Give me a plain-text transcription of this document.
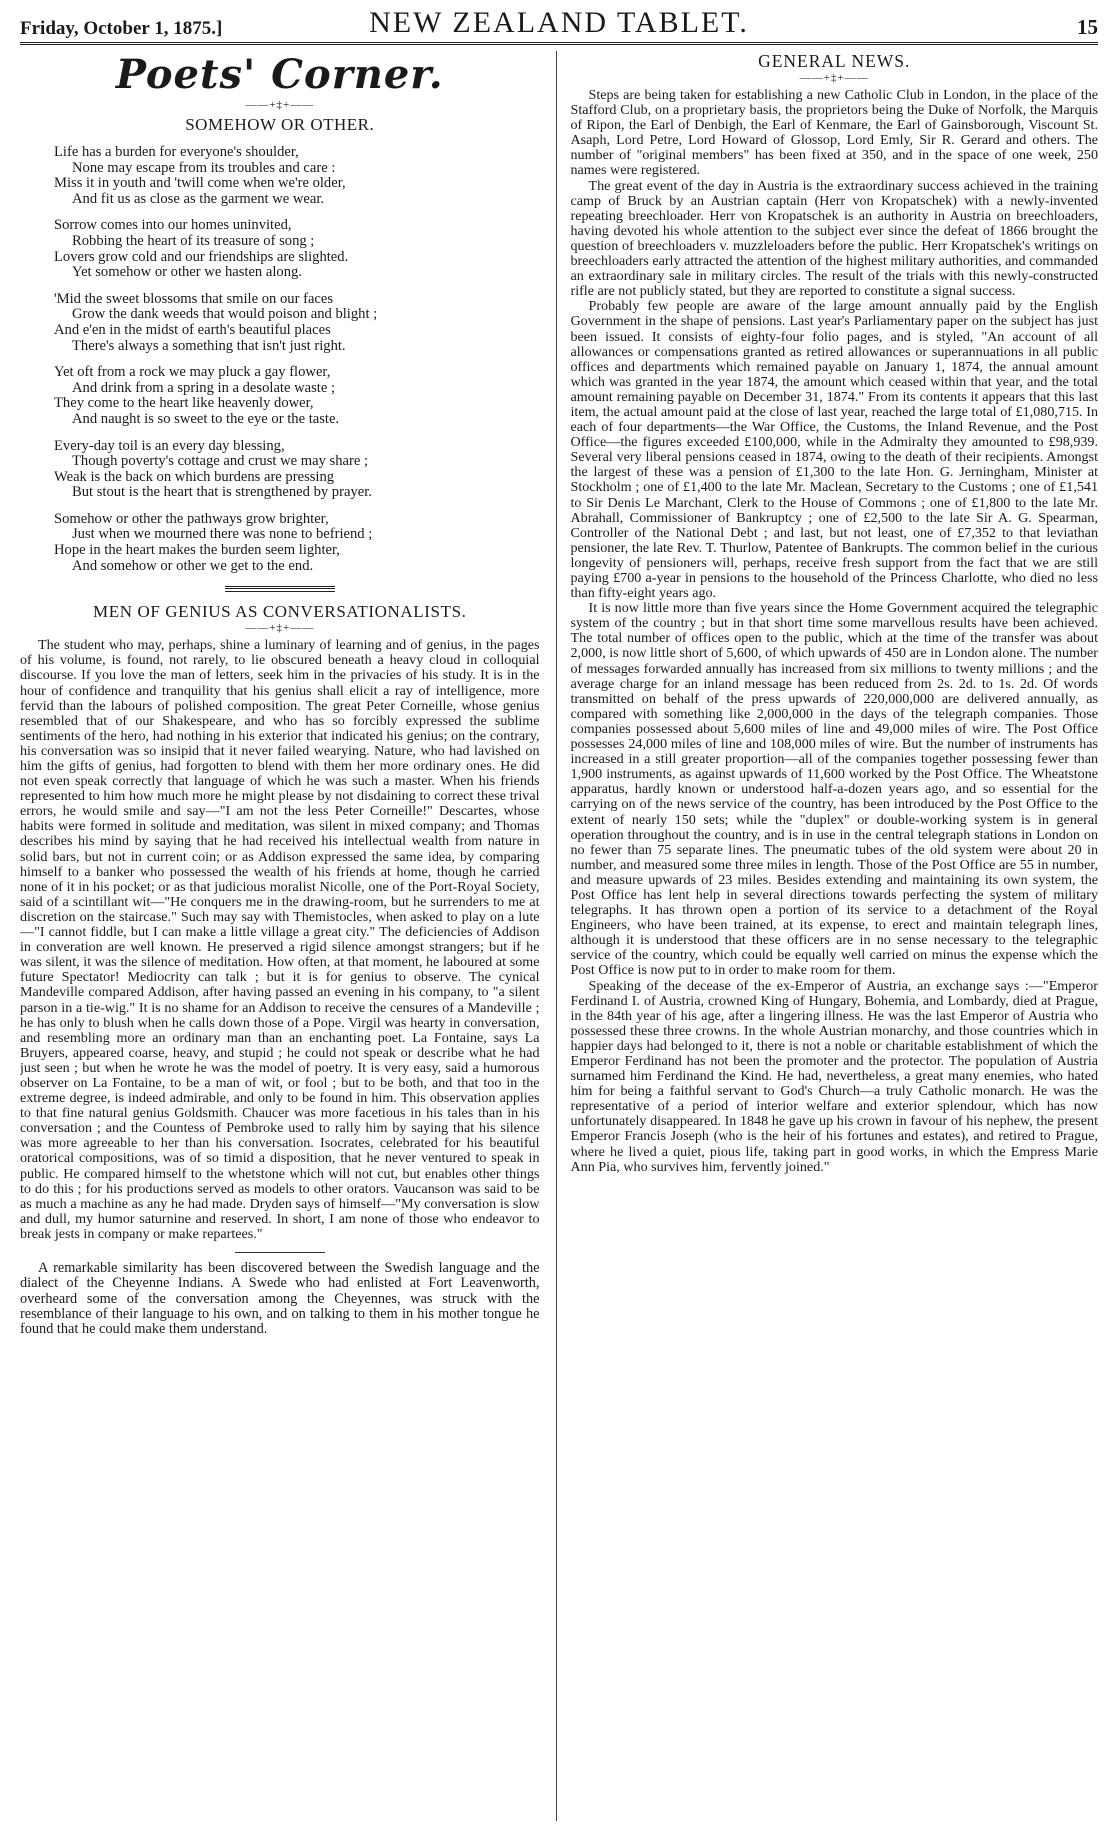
Friday, October 1, 1875.]	NEW ZEALAND TABLET.	15
Poets' Corner.
——+‡+——
SOMEHOW OR OTHER.
Life has a burden for everyone's shoulder,
None may escape from its troubles and care :
Miss it in youth and 'twill come when we're older,
And fit us as close as the garment we wear.
Sorrow comes into our homes uninvited,
Robbing the heart of its treasure of song ;
Lovers grow cold and our friendships are slighted.
Yet somehow or other we hasten along.
'Mid the sweet blossoms that smile on our faces
Grow the dank weeds that would poison and blight ;
And e'en in the midst of earth's beautiful places
There's always a something that isn't just right.
Yet oft from a rock we may pluck a gay flower,
And drink from a spring in a desolate waste ;
They come to the heart like heavenly dower,
And naught is so sweet to the eye or the taste.
Every-day toil is an every day blessing,
Though poverty's cottage and crust we may share ;
Weak is the back on which burdens are pressing
But stout is the heart that is strengthened by prayer.
Somehow or other the pathways grow brighter,
Just when we mourned there was none to befriend ;
Hope in the heart makes the burden seem lighter,
And somehow or other we get to the end.
MEN OF GENIUS AS CONVERSATIONALISTS.
——+‡+——

The student who may, perhaps, shine a luminary of learning and of genius, in the pages of his volume, is found, not rarely, to lie obscured beneath a heavy cloud in colloquial discourse. If you love the man of letters, seek him in the privacies of his study. It is in the hour of confidence and tranquility that his genius shall elicit a ray of intelligence, more fervid than the labours of polished composition. The great Peter Corneille, whose genius resembled that of our Shakespeare, and who has so forcibly expressed the sublime sentiments of the hero, had nothing in his exterior that indicated his genius; on the contrary, his conversation was so insipid that it never failed wearying. Nature, who had lavished on him the gifts of genius, had forgotten to blend with them her more ordinary ones. He did not even speak correctly that language of which he was such a master. When his friends represented to him how much more he might please by not disdaining to correct these trival errors, he would smile and say—"I am not the less Peter Corneille!" Descartes, whose habits were formed in solitude and meditation, was silent in mixed company; and Thomas describes his mind by saying that he had received his intellectual wealth from nature in solid bars, but not in current coin; or as Addison expressed the same idea, by comparing himself to a banker who possessed the wealth of his friends at home, though he carried none of it in his pocket; or as that judicious moralist Nicolle, one of the Port-Royal Society, said of a scintillant wit—"He conquers me in the drawing-room, but he surrenders to me at discretion on the staircase." Such may say with Themistocles, when asked to play on a lute—"I cannot fiddle, but I can make a little village a great city." The deficiencies of Addison in converation are well known. He preserved a rigid silence amongst strangers; but if he was silent, it was the silence of meditation. How often, at that moment, he laboured at some future Spectator! Mediocrity can talk ; but it is for genius to observe. The cynical Mandeville compared Addison, after having passed an evening in his company, to "a silent parson in a tie-wig." It is no shame for an Addison to receive the censures of a Mandeville ; he has only to blush when he calls down those of a Pope. Virgil was hearty in conversation, and resembling more an ordinary man than an enchanting poet. La Fontaine, says La Bruyers, appeared coarse, heavy, and stupid ; he could not speak or describe what he had just seen ; but when he wrote he was the model of poetry. It is very easy, said a humorous observer on La Fontaine, to be a man of wit, or fool ; but to be both, and that too in the extreme degree, is indeed admirable, and only to be found in him. This observation applies to that fine natural genius Goldsmith. Chaucer was more facetious in his tales than in his conversation ; and the Countess of Pembroke used to rally him by saying that his silence was more agreeable to her than his conversation. Isocrates, celebrated for his beautiful oratorical compositions, was of so timid a disposition, that he never ventured to speak in public. He compared himself to the whetstone which will not cut, but enables other things to do this ; for his productions served as models to other orators. Vaucanson was said to be as much a machine as any he had made. Dryden says of himself—"My conversation is slow and dull, my humor saturnine and reserved. In short, I am none of those who endeavor to break jests in company or make repartees."

A remarkable similarity has been discovered between the Swedish language and the dialect of the Cheyenne Indians. A Swede who had enlisted at Fort Leavenworth, overheard some of the conversation among the Cheyennes, was struck with the resemblance of their language to his own, and on talking to them in his mother tongue he found that he could make them understand.

GENERAL NEWS.
——+‡+——

Steps are being taken for establishing a new Catholic Club in London, in the place of the Stafford Club, on a proprietary basis, the proprietors being the Duke of Norfolk, the Marquis of Ripon, the Earl of Denbigh, the Earl of Kenmare, the Earl of Gainsborough, Viscount St. Asaph, Lord Petre, Lord Howard of Glossop, Lord Emly, Sir R. Gerard and others. The number of "original members" has been fixed at 350, and in the space of one week, 250 names were registered.

The great event of the day in Austria is the extraordinary success achieved in the training camp of Bruck by an Austrian captain (Herr von Kropatschek) with a newly-invented repeating breechloader. Herr von Kropatschek is an authority in Austria on breechloaders, having devoted his whole attention to the subject ever since the defeat of 1866 brought the question of breechloaders v. muzzleloaders before the public. Herr Kropatschek's writings on breechloaders early attracted the attention of the highest military authorities, and commanded an extraordinary sale in military circles. The result of the trials with this newly-constructed rifle are not publicly stated, but they are reported to constitute a signal success.

Probably few people are aware of the large amount annually paid by the English Government in the shape of pensions. Last year's Parliamentary paper on the subject has just been issued. It consists of eighty-four folio pages, and is styled, "An account of all allowances or compensations granted as retired allowances or superannuations in all public offices and departments which remained payable on January 1, 1874, the annual amount which was granted in the year 1874, the amount which ceased within that year, and the total amount remaining payable on December 31, 1874." From its contents it appears that this last item, the actual amount paid at the close of last year, reached the large total of £1,080,715. In each of four departments—the War Office, the Customs, the Inland Revenue, and the Post Office—the figures exceeded £100,000, while in the Admiralty they amounted to £98,939. Several very liberal pensions ceased in 1874, owing to the death of their recipients. Amongst the largest of these was a pension of £1,300 to the late Hon. G. Jerningham, Minister at Stockholm ; one of £1,400 to the late Mr. Maclean, Secretary to the Customs ; one of £1,541 to Sir Denis Le Marchant, Clerk to the House of Commons ; one of £1,800 to the late Mr. Abrahall, Commissioner of Bankruptcy ; one of £2,500 to the late Sir A. G. Spearman, Controller of the National Debt ; and last, but not least, one of £7,352 to that leviathan pensioner, the late Rev. T. Thurlow, Patentee of Bankrupts. The common belief in the curious longevity of pensioners will, perhaps, receive fresh support from the fact that we are still paying £700 a-year in pensions to the household of the Princess Charlotte, who died no less than fifty-eight years ago.

It is now little more than five years since the Home Government acquired the telegraphic system of the country ; but in that short time some marvellous results have been achieved. The total number of offices open to the public, which at the time of the transfer was about 2,000, is now little short of 5,600, of which upwards of 450 are in London alone. The number of messages forwarded annually has increased from six millions to twenty millions ; and the average charge for an inland message has been reduced from 2s. 2d. to 1s. 2d. Of words transmitted on behalf of the press upwards of 220,000,000 are delivered annually, as compared with something like 2,000,000 in the days of the telegraph companies. Those companies possessed about 5,600 miles of line and 49,000 miles of wire. The Post Office possesses 24,000 miles of line and 108,000 miles of wire. But the number of instruments has increased in a still greater proportion—all of the companies together possessing fewer than 1,900 instruments, as against upwards of 11,600 worked by the Post Office. The Wheatstone apparatus, hardly known or understood half-a-dozen years ago, and so essential for the carrying on of the news service of the country, has been introduced by the Post Office to the extent of nearly 150 sets; while the "duplex" or double-working system is in general operation throughout the country, and is in use in the central telegraph stations in London on no fewer than 75 separate lines. The pneumatic tubes of the old system were about 20 in number, and measured some three miles in length. Those of the Post Office are 55 in number, and measure upwards of 23 miles. Besides extending and maintaining its own system, the Post Office has lent help in several directions towards perfecting the system of military telegraphs. It has thrown open a portion of its service to a detachment of the Royal Engineers, who have been trained, at its expense, to erect and maintain telegraph lines, although it is understood that these officers are in no sense necessary to the telegraphic service of the country, which could be equally well carried on minus the expense which the Post Office is now put to in order to make room for them.

Speaking of the decease of the ex-Emperor of Austria, an exchange says :—"Emperor Ferdinand I. of Austria, crowned King of Hungary, Bohemia, and Lombardy, died at Prague, in the 84th year of his age, after a lingering illness. He was the last Emperor of Austria who possessed these three crowns. In the whole Austrian monarchy, and those countries which in happier days had belonged to it, there is not a noble or charitable establishment of which the Emperor Ferdinand has not been the promoter and the protector. The population of Austria surnamed him Ferdinand the Kind. He had, nevertheless, a great many enemies, who hated him for being a faithful servant to God's Church—a truly Catholic monarch. He was the representative of a period of interior welfare and exterior splendour, which has now unfortunately disappeared. In 1848 he gave up his crown in favour of his nephew, the present Emperor Francis Joseph (who is the heir of his fortunes and estates), and retired to Prague, where he lived a quiet, pious life, taking part in good works, in which the Empress Marie Ann Pia, who survives him, fervently joined."
